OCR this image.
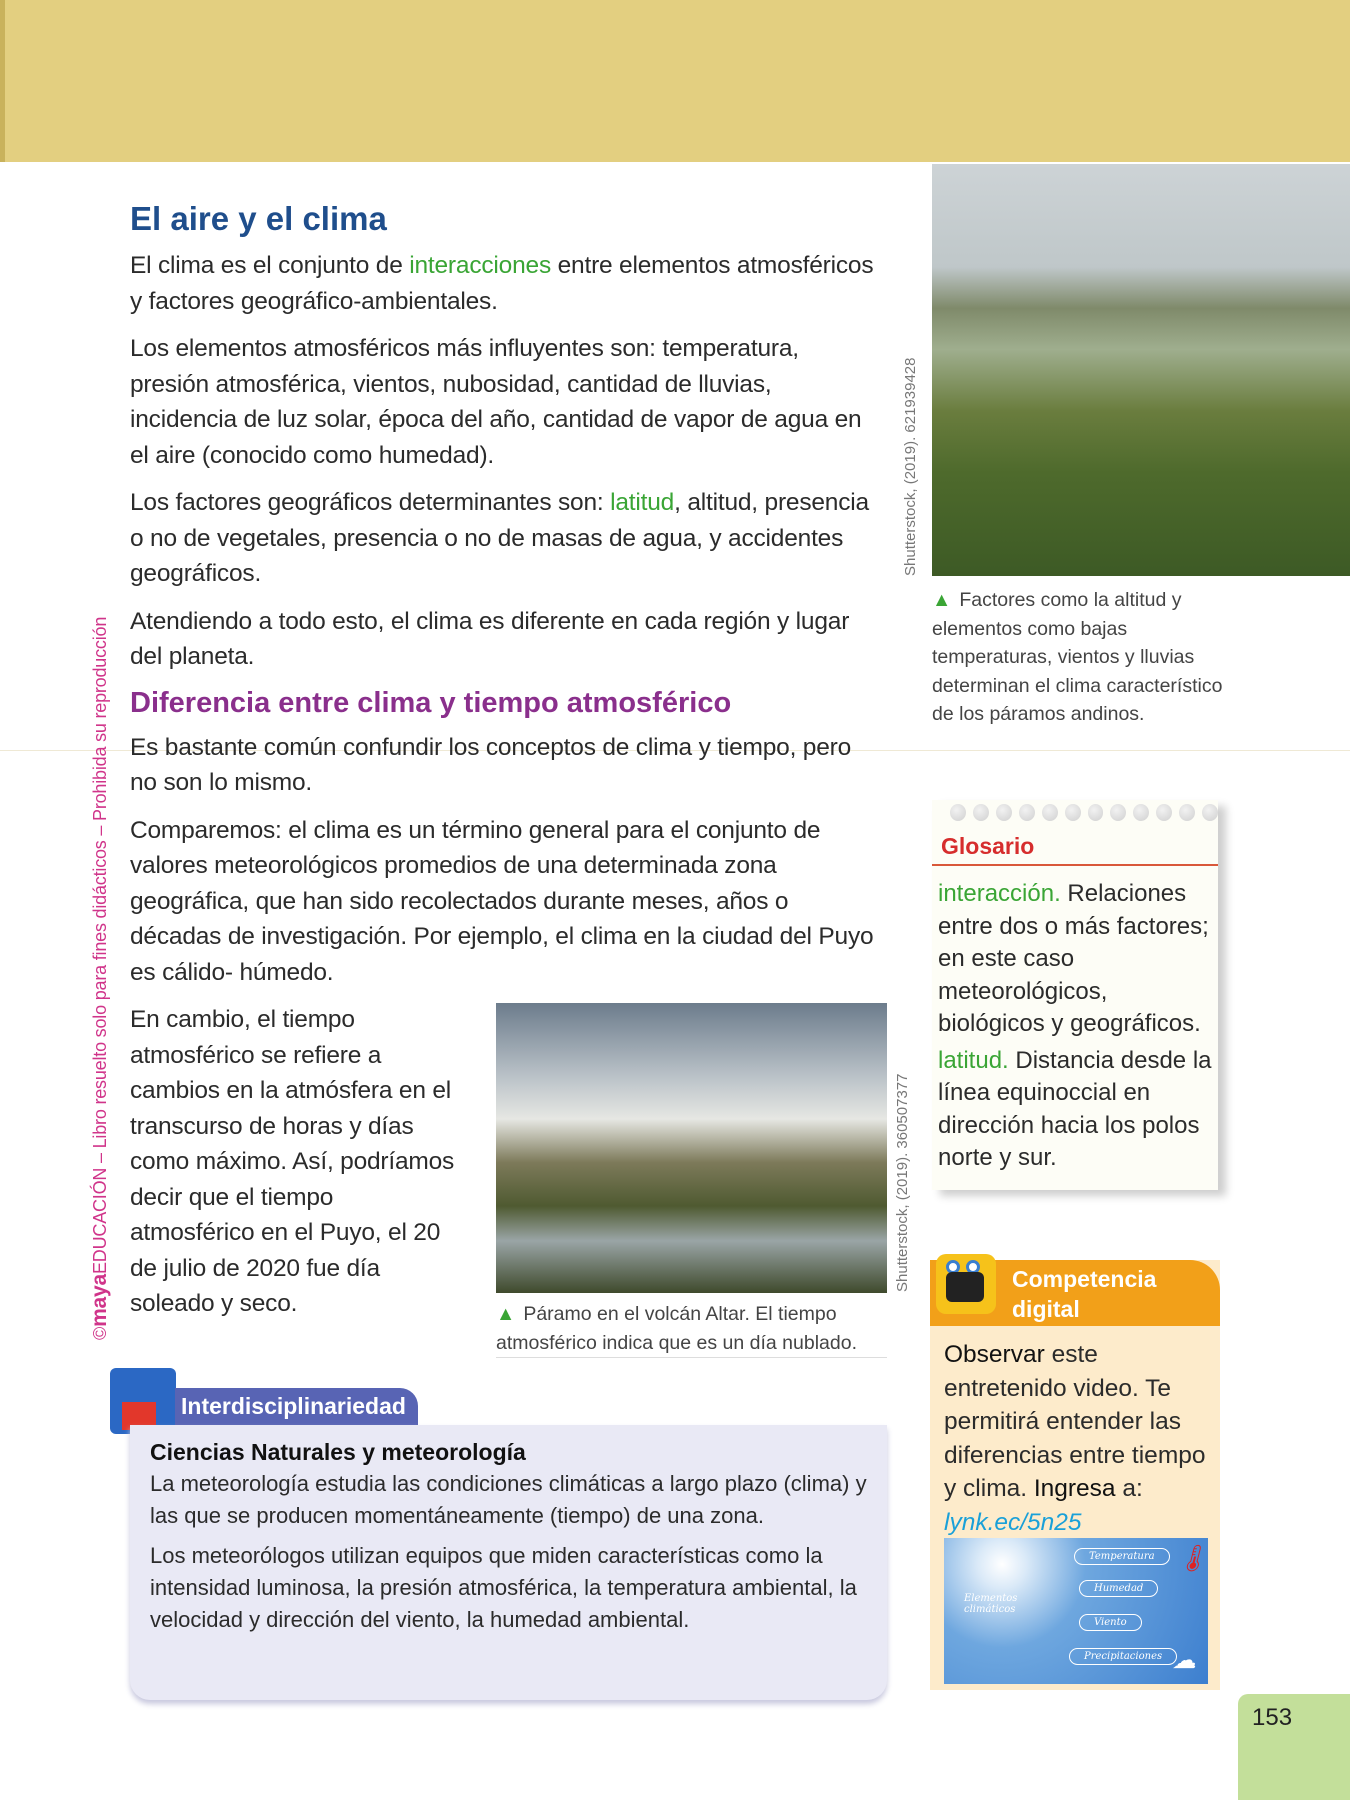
©mayaEDUCACIÓN – Libro resuelto solo para fines didácticos – Prohibida su reproducción
El aire y el clima

El clima es el conjunto de interacciones entre elementos atmosféricos y factores geográfico-ambientales.

Los elementos atmosféricos más influyentes son: temperatura, presión atmosférica, vientos, nubosidad, cantidad de lluvias, incidencia de luz solar, época del año, cantidad de vapor de agua en el aire (conocido como humedad).

Los factores geográficos determinantes son: latitud, altitud, presencia o no de vegetales, presencia o no de masas de agua, y accidentes geográficos.

Atendiendo a todo esto, el clima es diferente en cada región y lugar del planeta.

Diferencia entre clima y tiempo atmosférico

Es bastante común confundir los conceptos de clima y tiempo, pero no son lo mismo.

Comparemos: el clima es un término general para el conjunto de valores meteorológicos promedios de una determinada zona geográfica, que han sido recolectados durante meses, años o décadas de investigación. Por ejemplo, el clima en la ciudad del Puyo es cálido- húmedo.

En cambio, el tiempo atmosférico se refiere a cambios en la atmósfera en el transcurso de horas y días como máximo. Así, podríamos decir que el tiempo atmosférico en el Puyo, el 20 de julio de 2020 fue día soleado y seco.

Shutterstock, (2019). 621939428
▲ Factores como la altitud y elementos como bajas temperaturas, vientos y lluvias determinan el clima característico de los páramos andinos.
Shutterstock, (2019). 360507377
▲ Páramo en el volcán Altar. El tiempo atmosférico indica que es un día nublado.
Glosario

interacción. Relaciones entre dos o más factores; en este caso meteorológicos, biológicos y geográficos.

latitud. Distancia desde la línea equinoccial en dirección hacia los polos norte y sur.

Competencia digital

Observar este entretenido video. Te permitirá entender las diferencias entre tiempo y clima. Ingresa a:
lynk.ec/5n25

Elementos climáticos
Temperatura
Humedad
Viento
Precipitaciones
🌡
☁
Interdisciplinariedad
Ciencias Naturales y meteorología

La meteorología estudia las condiciones climáticas a largo plazo (clima) y las que se producen momentáneamente (tiempo) de una zona.

Los meteorólogos utilizan equipos que miden características como la intensidad luminosa, la presión atmosférica, la temperatura ambiental, la velocidad y dirección del viento, la humedad ambiental.

153
